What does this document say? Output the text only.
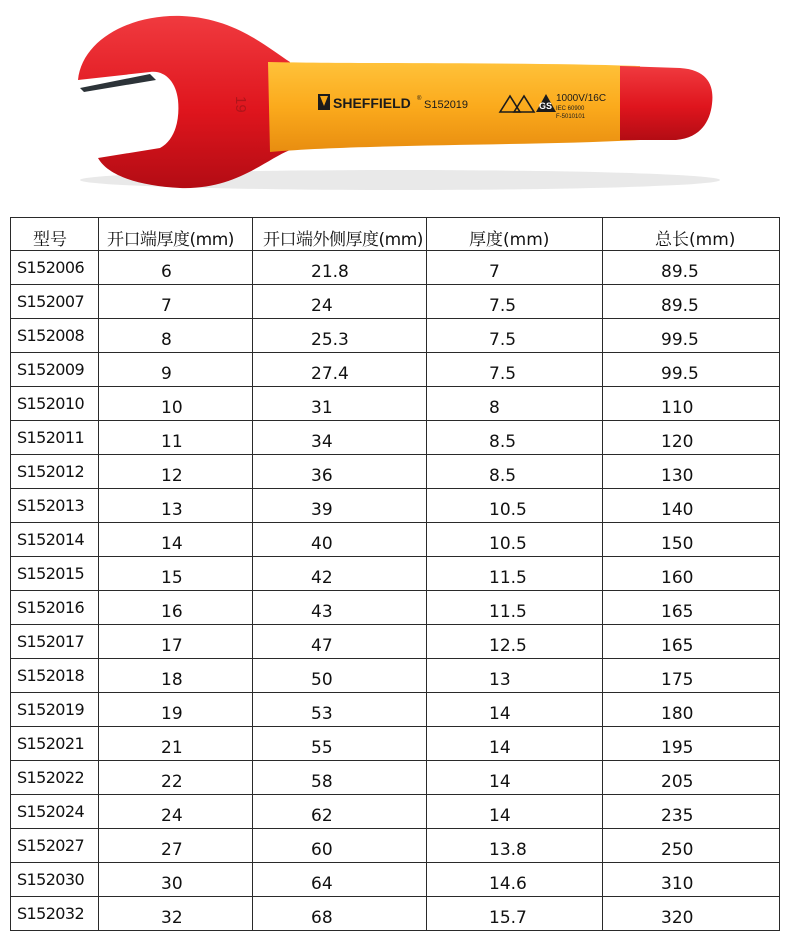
19	SHEFFIELD ® S152019	GS
1000V/16C
IEC 60900
F-5010101
型号	开口端厚度(mm)	开口端外侧厚度(mm)	厚度(mm)	总长(mm)
S152006	6	21.8	7	89.5
S152007	7	24	7.5	89.5
S152008	8	25.3	7.5	99.5
S152009	9	27.4	7.5	99.5
S152010	10	31	8	110
S152011	11	34	8.5	120
S152012	12	36	8.5	130
S152013	13	39	10.5	140
S152014	14	40	10.5	150
S152015	15	42	11.5	160
S152016	16	43	11.5	165
S152017	17	47	12.5	165
S152018	18	50	13	175
S152019	19	53	14	180
S152021	21	55	14	195
S152022	22	58	14	205
S152024	24	62	14	235
S152027	27	60	13.8	250
S152030	30	64	14.6	310
S152032	32	68	15.7	320
